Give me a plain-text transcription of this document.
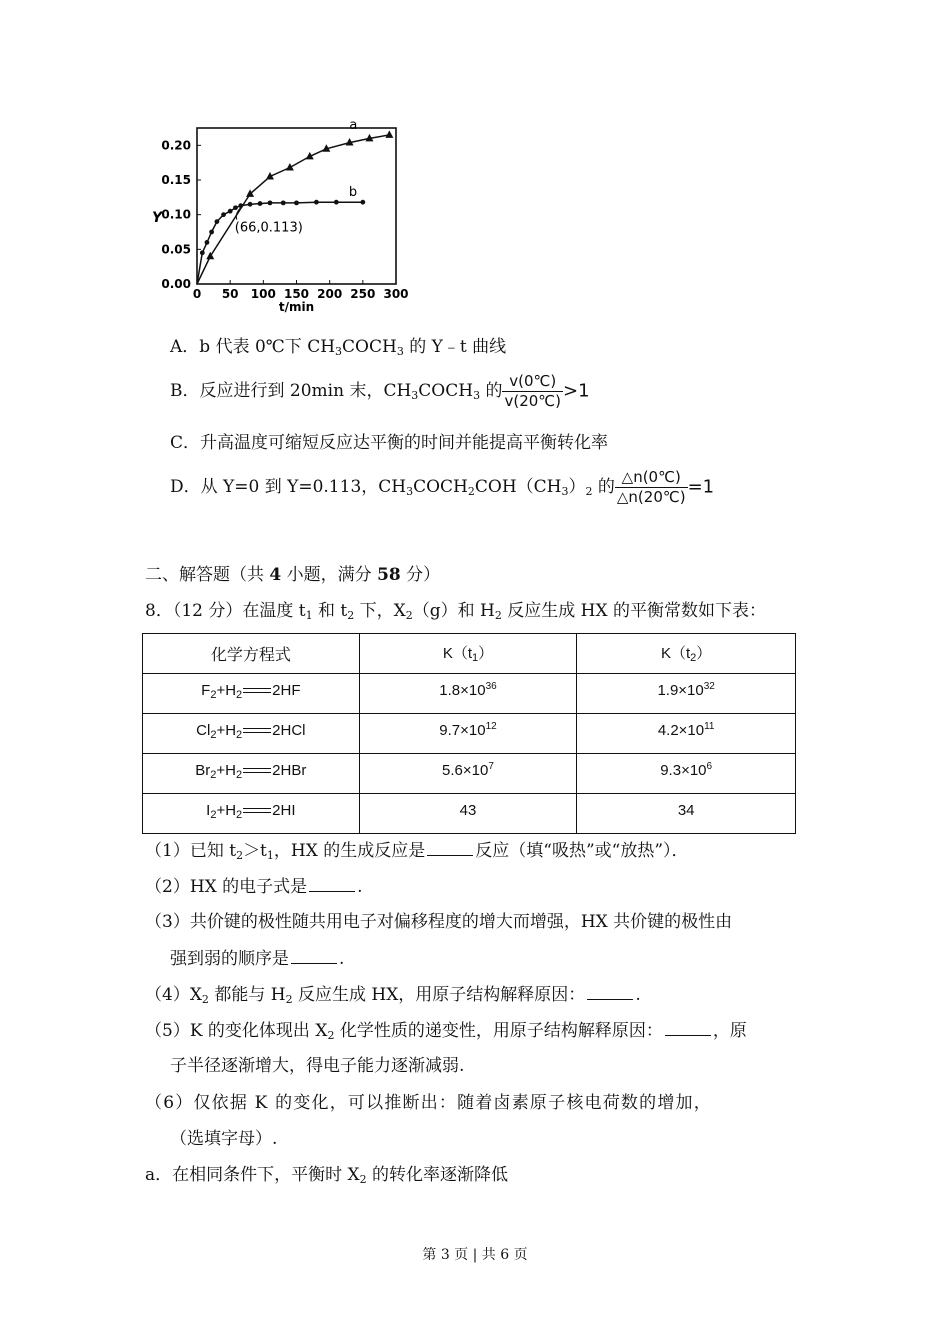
0.00
0.05
0.10
0.15
0.20
0 50 100 150 200 250 300
Y
t/min
a
b
(66,0.113)
A．b 代表 0℃下 $CH_3COCH_3$ 的 Y﹣t 曲线
B．反应进行到 20min 末，$CH_3COCH_3$ 的 $\frac{v(0℃)}{v(20℃)} >1$
C．升高温度可缩短反应达平衡的时间并能提高平衡转化率
D．从 Y=0 到 Y=0.113，$CH_3COCH_2COH(CH_3)_2$ 的 $\frac{\triangle n(0℃)}{\triangle n(20℃)} =1$
二、解答题（共 4 小题，满分 58 分）
8．（12 分）在温度 $t_1$ 和 $t_2$ 下，$X_2(g)$和 $H_2$ 反应生成 HX 的平衡常数如下表：
化学方程式	$K(t_1)$	$K(t_2)$
$F_2+H_2$ 2HF	$1.8\times 10^{36}$	$1.9\times 10^{32}$
$Cl_2+H_2$ 2HCl	$9.7\times 10^{12}$	$4.2\times 10^{11}$
$Br_2+H_2$ 2HBr	$5.6\times 10^7$	$9.3\times 10^6$
$I_2+H_2$ 2HI	43	34
（1）已知 $t_2>t_1$，HX 的生成反应是	反应（填“吸热”或“放热”）．
（2）HX 的电子式是	.
（3）共价键的极性随共用电子对偏移程度的增大而增强，HX 共价键的极性由
强到弱的顺序是	.
$(4)X_2$ 都能与 $H_2$ 反应生成 HX，用原子结构解释原因：	.
（5）K 的变化体现出 $X_2$ 化学性质的递变性，用原子结构解释原因：	，原
子半径逐渐增大，得电子能力逐渐减弱.
（6）仅依据 K 的变化，可以推断出：随着卤素原子核电荷数的增加，
（选填字母）.
a．在相同条件下，平衡时 $X_2$ 的转化率逐渐降低
第 3 页 | 共 6 页
